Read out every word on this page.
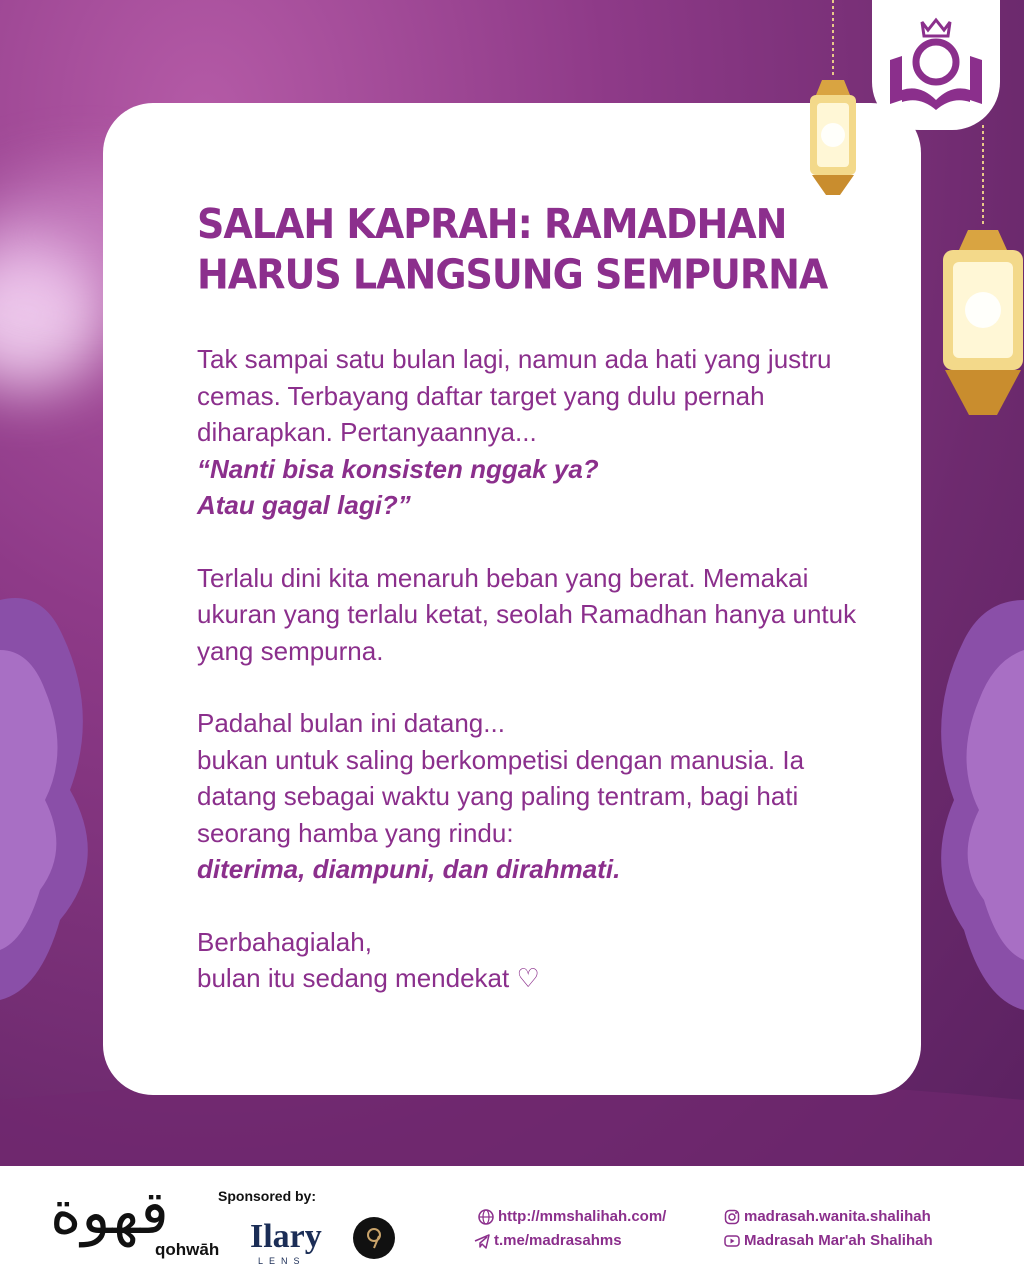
SALAH KAPRAH: RAMADHAN HARUS LANGSUNG SEMPURNA

Tak sampai satu bulan lagi, namun ada hati yang justru cemas. Terbayang daftar target yang dulu pernah diharapkan. Pertanyaannya...
“Nanti bisa konsisten nggak ya?
Atau gagal lagi?”

Terlalu dini kita menaruh beban yang berat. Memakai ukuran yang terlalu ketat, seolah Ramadhan hanya untuk yang sempurna.

Padahal bulan ini datang...
bukan untuk saling berkompetisi dengan manusia. Ia datang sebagai waktu yang paling tentram, bagi hati seorang hamba yang rindu:
diterima, diampuni, dan dirahmati.

Berbahagialah,
bulan itu sedang mendekat ♡

قهوة
qohwāh
Sponsored by:
Ilary
LENS
http://mmshalihah.com/
t.me/madrasahms
madrasah.wanita.shalihah
Madrasah Mar'ah Shalihah
